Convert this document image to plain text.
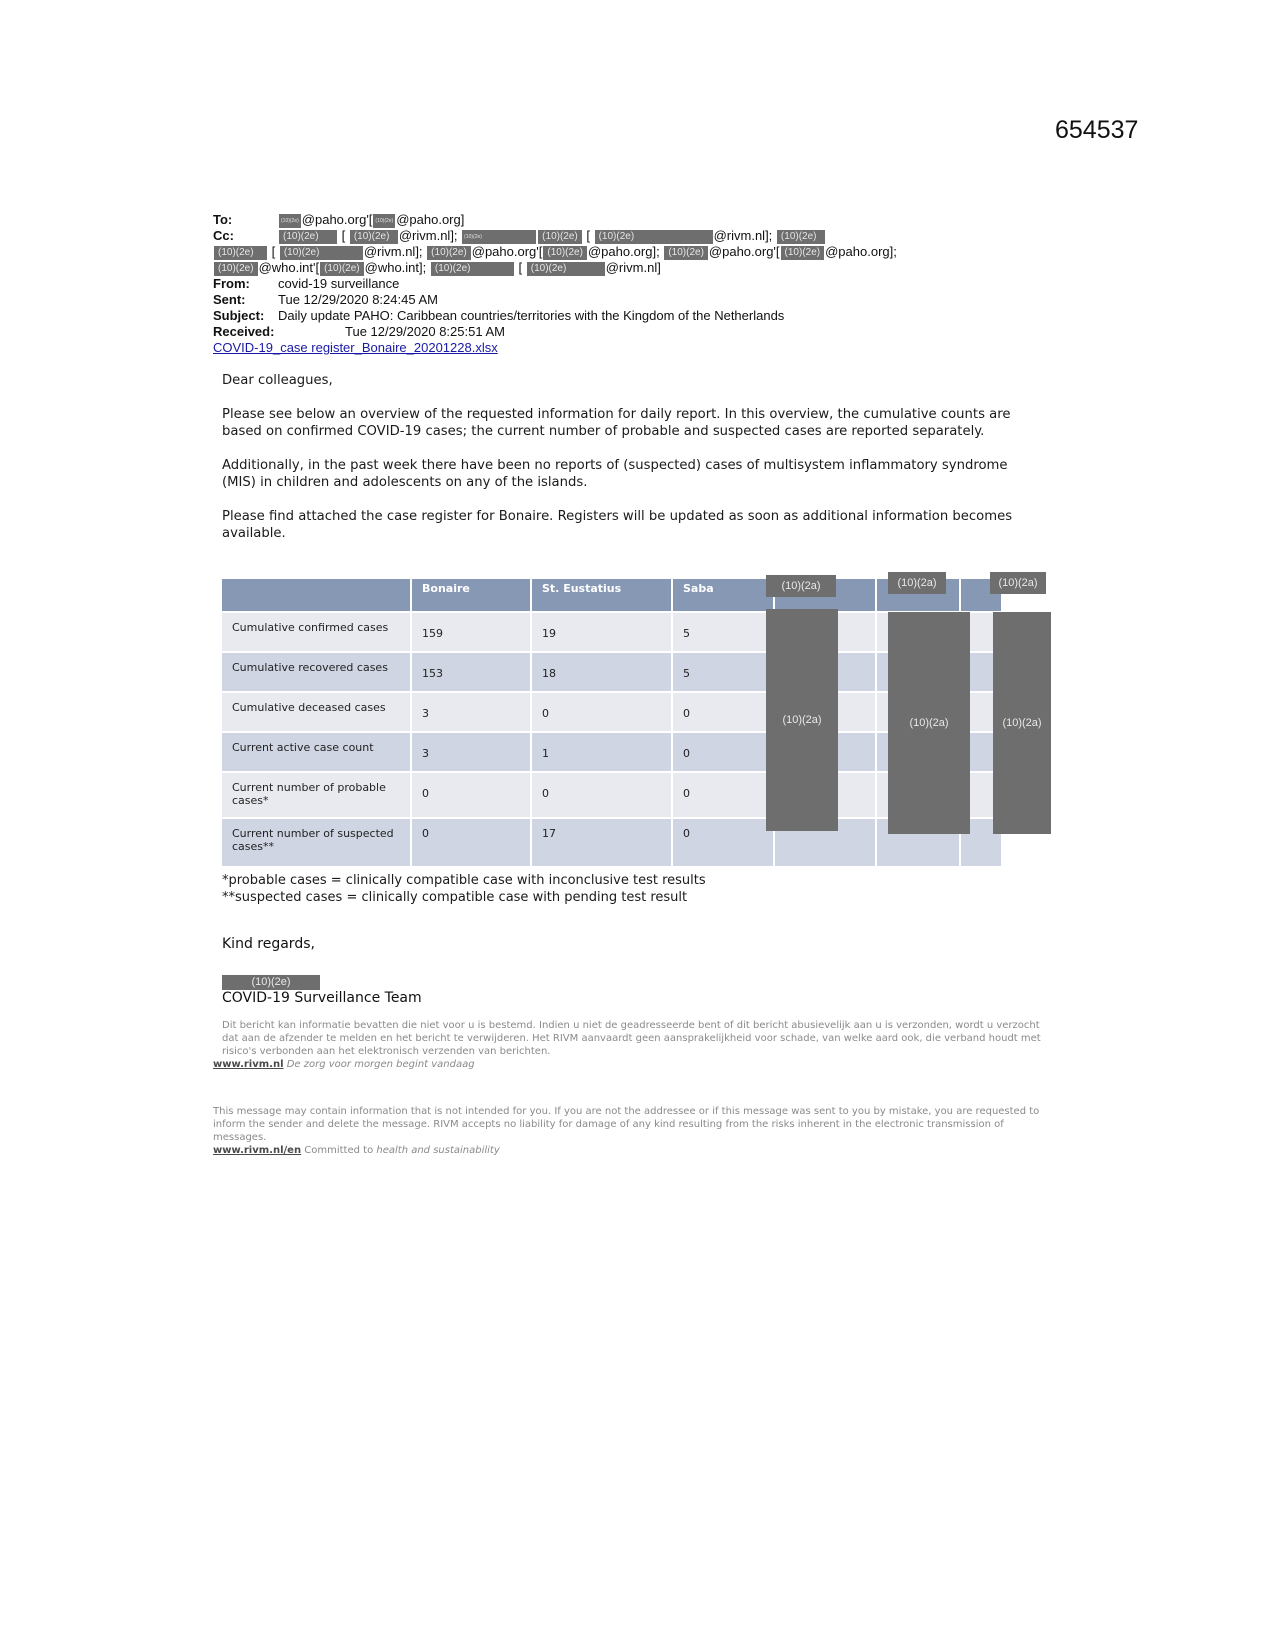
654537
To:	(10)(2e) @paho.org'[ (10)(2e) @paho.org]
Cc:	(10)(2e) [ (10)(2e) @rivm.nl]; (10)(2e)	(10)(2e) [ (10)(2e)	@rivm.nl]; (10)(2e)
(10)(2e) [ (10)(2e)	@rivm.nl]; (10)(2e) @paho.org'[ (10)(2e) @paho.org]; (10)(2e) @paho.org'[ (10)(2e) @paho.org];
(10)(2e) @who.int'[ (10)(2e) @who.int]; (10)(2e)	[ (10)(2e)	@rivm.nl]
From: covid-19 surveillance
Sent:	Tue 12/29/2020 8:24:45 AM
Subject: Daily update PAHO: Caribbean countries/territories with the Kingdom of the Netherlands
Received:	Tue 12/29/2020 8:25:51 AM
COVID-19_case register_Bonaire_20201228.xlsx

Dear colleagues,

Please see below an overview of the requested information for daily report. In this overview, the cumulative counts are based on confirmed COVID-19 cases; the current number of probable and suspected cases are reported separately.

Additionally, in the past week there have been no reports of (suspected) cases of multisystem inflammatory syndrome (MIS) in children and adolescents on any of the islands.

Please find attached the case register for Bonaire. Registers will be updated as soon as additional information becomes available.

	Bonaire	St. Eustatius	Saba			
Cumulative confirmed cases	159	19	5			
Cumulative recovered cases	153	18	5			
Cumulative deceased cases	3	0	0			
Current active case count	3	1	0			
Current number of probable cases*	0	0	0			
Current number of suspected cases**	0	17	0			
(10)(2a)	(10)(2a)	(10)(2a)
(10)(2a)	(10)(2a)	(10)(2a)
*probable cases = clinically compatible case with inconclusive test results
**suspected cases = clinically compatible case with pending test result
Kind regards,
(10)(2e)
COVID-19 Surveillance Team
Dit bericht kan informatie bevatten die niet voor u is bestemd. Indien u niet de geadresseerde bent of dit bericht abusievelijk aan u is verzonden, wordt u verzocht dat aan de afzender te melden en het bericht te verwijderen. Het RIVM aanvaardt geen aansprakelijkheid voor schade, van welke aard ook, die verband houdt met risico's verbonden aan het elektronisch verzenden van berichten.
www.rivm.nl De zorg voor morgen begint vandaag
This message may contain information that is not intended for you. If you are not the addressee or if this message was sent to you by mistake, you are requested to inform the sender and delete the message. RIVM accepts no liability for damage of any kind resulting from the risks inherent in the electronic transmission of messages.
www.rivm.nl/en Committed to health and sustainability
